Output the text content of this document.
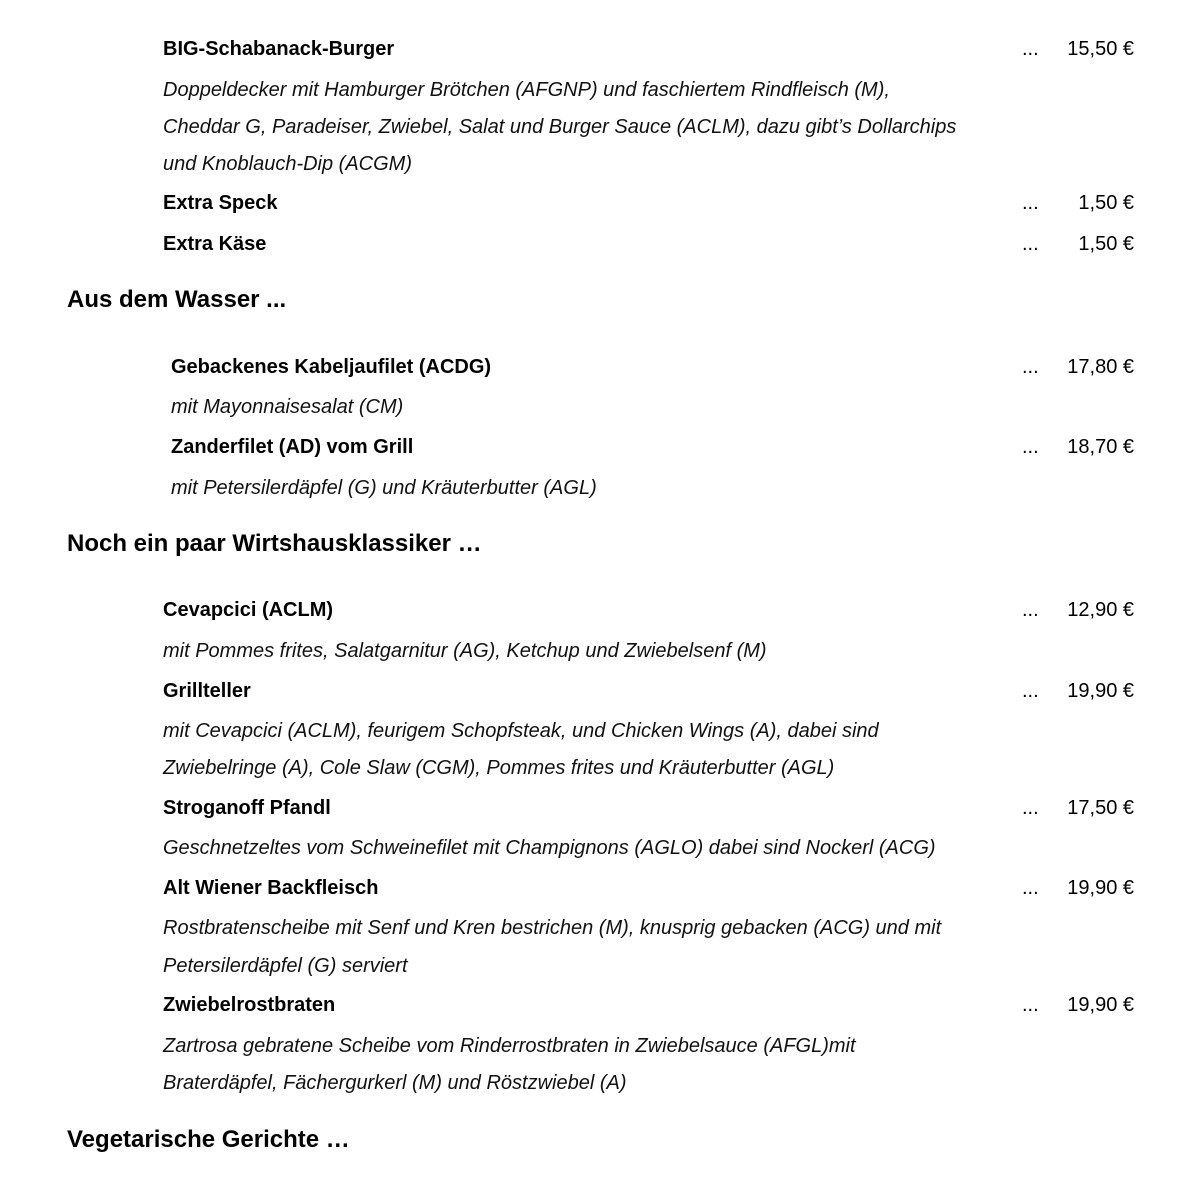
BIG-Schabanack-Burger	... 15,50 €
Doppeldecker mit Hamburger Brötchen (AFGNP) und faschiertem Rindfleisch (M),
Cheddar G, Paradeiser, Zwiebel, Salat und Burger Sauce (ACLM), dazu gibt’s Dollarchips
und Knoblauch-Dip (ACGM)
Extra Speck	... 1,50 €
Extra Käse	... 1,50 €
Aus dem Wasser ...
Gebackenes Kabeljaufilet (ACDG)	... 17,80 €
mit Mayonnaisesalat (CM)
Zanderfilet (AD) vom Grill	... 18,70 €
mit Petersilerdäpfel (G) und Kräuterbutter (AGL)
Noch ein paar Wirtshausklassiker …
Cevapcici (ACLM)	... 12,90 €
mit Pommes frites, Salatgarnitur (AG), Ketchup und Zwiebelsenf (M)
Grillteller	... 19,90 €
mit Cevapcici (ACLM), feurigem Schopfsteak, und Chicken Wings (A), dabei sind
Zwiebelringe (A), Cole Slaw (CGM), Pommes frites und Kräuterbutter (AGL)
Stroganoff Pfandl	... 17,50 €
Geschnetzeltes vom Schweinefilet mit Champignons (AGLO) dabei sind Nockerl (ACG)
Alt Wiener Backfleisch	... 19,90 €
Rostbratenscheibe mit Senf und Kren bestrichen (M), knusprig gebacken (ACG) und mit
Petersilerdäpfel (G) serviert
Zwiebelrostbraten	... 19,90 €
Zartrosa gebratene Scheibe vom Rinderrostbraten in Zwiebelsauce (AFGL)mit
Braterdäpfel, Fächergurkerl (M) und Röstzwiebel (A)
Vegetarische Gerichte …
